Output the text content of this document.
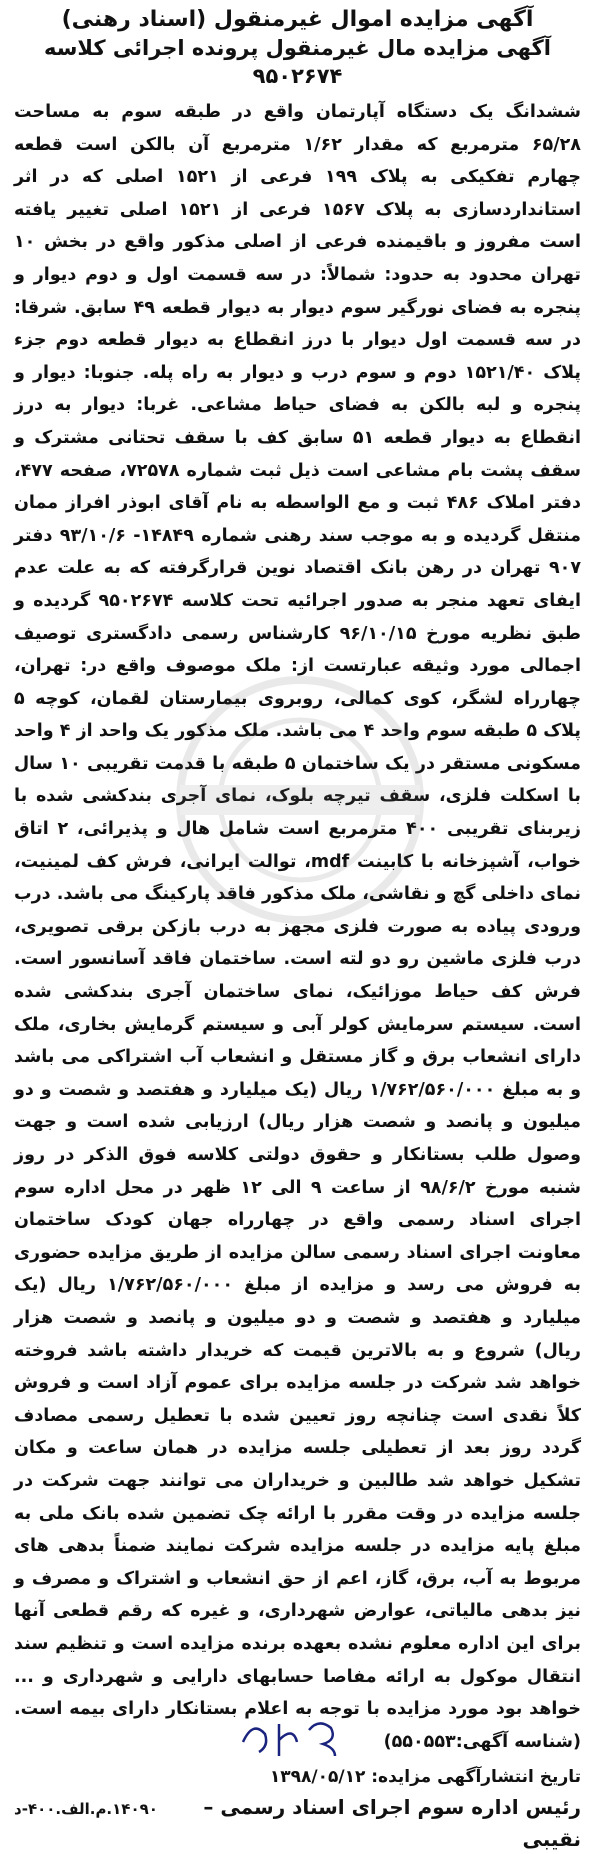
آگهی مزایده اموال غیرمنقول (اسناد رهنی)
آگهی مزایده مال غیرمنقول پرونده اجرائی کلاسه ۹۵۰۲۶۷۴

ششدانگ یک دستگاه آپارتمان واقع در طبقه سوم به مساحت ۶۵/۲۸ مترمربع که مقدار ۱/۶۲ مترمربع آن بالکن است قطعه چهارم تفکیکی به پلاک ۱۹۹ فرعی از ۱۵۲۱ اصلی که در اثر استانداردسازی به پلاک ۱۵۶۷ فرعی از ۱۵۲۱ اصلی تغییر یافته است مفروز و باقیمنده فرعی از اصلی مذکور واقع در بخش ۱۰ تهران محدود به حدود: شمالاً: در سه قسمت اول و دوم دیوار و پنجره به فضای نورگیر سوم دیوار به دیوار قطعه ۴۹ سابق. شرقا: در سه قسمت اول دیوار با درز انقطاع به دیوار قطعه دوم جزء پلاک ۱۵۲۱/۴۰ دوم و سوم درب و دیوار به راه پله. جنوبا: دیوار و پنجره و لبه بالکن به فضای حیاط مشاعی. غربا: دیوار به درز انقطاع به دیوار قطعه ۵۱ سابق کف با سقف تحتانی مشترک و سقف پشت بام مشاعی است ذیل ثبت شماره ۷۲۵۷۸، صفحه ۴۷۷، دفتر املاک ۴۸۶ ثبت و مع الواسطه به نام آقای ابوذر افراز ممان منتقل گردیده و به موجب سند رهنی شماره ۱۴۸۴۹- ۹۳/۱۰/۶ دفتر ۹۰۷ تهران در رهن بانک اقتصاد نوین قرارگرفته که به علت عدم ایفای تعهد منجر به صدور اجرائیه تحت کلاسه ۹۵۰۲۶۷۴ گردیده و طبق نظریه مورخ ۹۶/۱۰/۱۵ کارشناس رسمی دادگستری توصیف اجمالی مورد وثیقه عبارتست از: ملک موصوف واقع در: تهران، چهارراه لشگر، کوی کمالی، روبروی بیمارستان لقمان، کوچه ۵ پلاک ۵ طبقه سوم واحد ۴ می باشد. ملک مذکور یک واحد از ۴ واحد مسکونی مستقر در یک ساختمان ۵ طبقه با قدمت تقریبی ۱۰ سال با اسکلت فلزی، سقف تیرچه بلوک، نمای آجری بندکشی شده با زیربنای تقریبی ۴۰۰ مترمربع است شامل هال و پذیرائی، ۲ اتاق خواب، آشپزخانه با کابینت mdf، توالت ایرانی، فرش کف لمینیت، نمای داخلی گچ و نقاشی، ملک مذکور فاقد پارکینگ می باشد. درب ورودی پیاده به صورت فلزی مجهز به درب بازکن برقی تصویری، درب فلزی ماشین رو دو لته است. ساختمان فاقد آسانسور است. فرش کف حیاط موزائیک، نمای ساختمان آجری بندکشی شده است. سیستم سرمایش کولر آبی و سیستم گرمایش بخاری، ملک دارای انشعاب برق و گاز مستقل و انشعاب آب اشتراکی می باشد و به مبلغ ۱/۷۶۲/۵۶۰/۰۰۰ ریال (یک میلیارد و هفتصد و شصت و دو میلیون و پانصد و شصت هزار ریال) ارزیابی شده است و جهت وصول طلب بستانکار و حقوق دولتی کلاسه فوق الذکر در روز شنبه مورخ ۹۸/۶/۲ از ساعت ۹ الی ۱۲ ظهر در محل اداره سوم اجرای اسناد رسمی واقع در چهارراه جهان کودک ساختمان معاونت اجرای اسناد رسمی سالن مزایده از طریق مزایده حضوری به فروش می رسد و مزایده از مبلغ ۱/۷۶۲/۵۶۰/۰۰۰ ریال (یک میلیارد و هفتصد و شصت و دو میلیون و پانصد و شصت هزار ریال) شروع و به بالاترین قیمت که خریدار داشته باشد فروخته خواهد شد شرکت در جلسه مزایده برای عموم آزاد است و فروش کلاً نقدی است چنانچه روز تعیین شده با تعطیل رسمی مصادف گردد روز بعد از تعطیلی جلسه مزایده در همان ساعت و مکان تشکیل خواهد شد طالبین و خریداران می توانند جهت شرکت در جلسه مزایده در وقت مقرر با ارائه چک تضمین شده بانک ملی به مبلغ پایه مزایده در جلسه مزایده شرکت نمایند ضمناً بدهی های مربوط به آب، برق، گاز، اعم از حق انشعاب و اشتراک و مصرف و نیز بدهی مالیاتی، عوارض شهرداری، و غیره که رقم قطعی آنها برای این اداره معلوم نشده بعهده برنده مزایده است و تنظیم سند انتقال موکول به ارائه مفاصا حسابهای دارایی و شهرداری و ... خواهد بود مورد مزایده با توجه به اعلام بستانکار دارای بیمه است. (شناسه آگهی:۵۵۰۵۵۳)

تاریخ انتشارآگهی مزایده: ۱۳۹۸/۰۵/۱۲
رئیس اداره سوم اجرای اسناد رسمی –
۱۴۰۹۰.م.الف.۴۰۰-د
نقیبی
